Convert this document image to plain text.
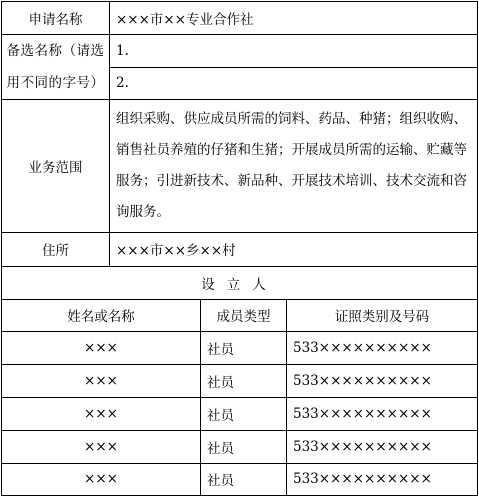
申请名称	×××市××专业合作社		
备选名称（请选用不同的字号）	1.		
	2.		
业务范围	组织采购、供应成员所需的饲料、药品、种猪；组织收购、销售社员养殖的仔猪和生猪；开展成员所需的运输、贮藏等服务；引进新技术、新品种、开展技术培训、技术交流和咨询服务。		
住所	×××市××乡××村		
设立人			
姓名或名称		成员类型	证照类别及号码
×××		社员	533××××××××××
×××		社员	533××××××××××
×××		社员	533××××××××××
×××		社员	533××××××××××
×××		社员	533××××××××××
